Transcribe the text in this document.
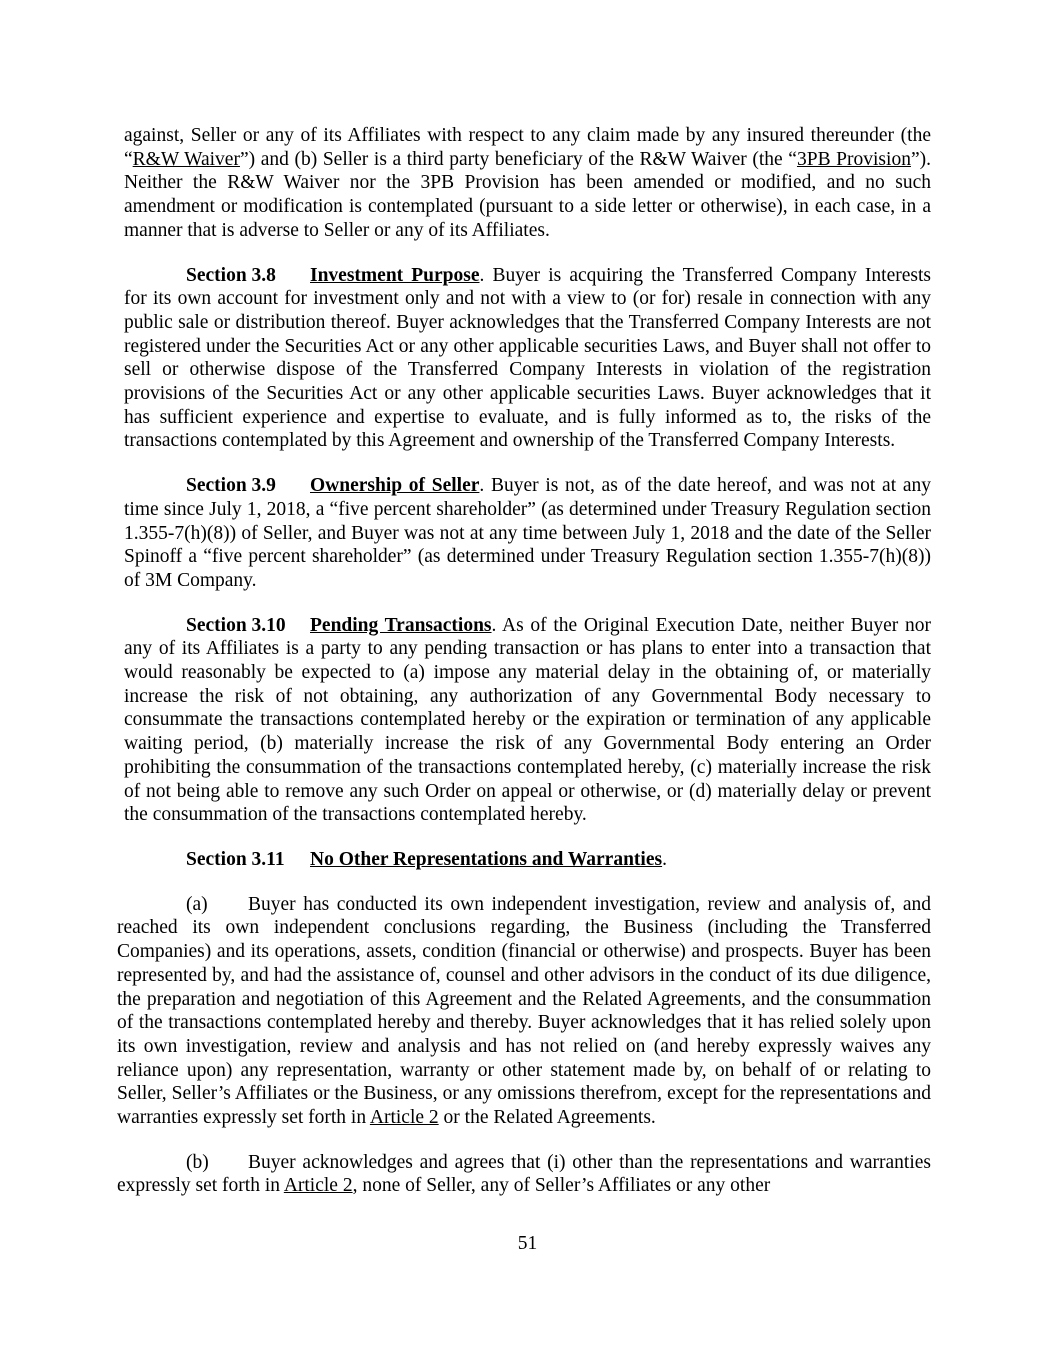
against, Seller or any of its Affiliates with respect to any claim made by any insured thereunder (the “R&W Waiver”) and (b) Seller is a third party beneficiary of the R&W Waiver (the “3PB Provision”). Neither the R&W Waiver nor the 3PB Provision has been amended or modified, and no such amendment or modification is contemplated (pursuant to a side letter or otherwise), in each case, in a manner that is adverse to Seller or any of its Affiliates.

Section 3.8 Investment Purpose. Buyer is acquiring the Transferred Company Interests for its own account for investment only and not with a view to (or for) resale in connection with any public sale or distribution thereof. Buyer acknowledges that the Transferred Company Interests are not registered under the Securities Act or any other applicable securities Laws, and Buyer shall not offer to sell or otherwise dispose of the Transferred Company Interests in violation of the registration provisions of the Securities Act or any other applicable securities Laws. Buyer acknowledges that it has sufficient experience and expertise to evaluate, and is fully informed as to, the risks of the transactions contemplated by this Agreement and ownership of the Transferred Company Interests.

Section 3.9 Ownership of Seller. Buyer is not, as of the date hereof, and was not at any time since July 1, 2018, a “five percent shareholder” (as determined under Treasury Regulation section 1.355-7(h)(8)) of Seller, and Buyer was not at any time between July 1, 2018 and the date of the Seller Spinoff a “five percent shareholder” (as determined under Treasury Regulation section 1.355-7(h)(8)) of 3M Company.

Section 3.10 Pending Transactions. As of the Original Execution Date, neither Buyer nor any of its Affiliates is a party to any pending transaction or has plans to enter into a transaction that would reasonably be expected to (a) impose any material delay in the obtaining of, or materially increase the risk of not obtaining, any authorization of any Governmental Body necessary to consummate the transactions contemplated hereby or the expiration or termination of any applicable waiting period, (b) materially increase the risk of any Governmental Body entering an Order prohibiting the consummation of the transactions contemplated hereby, (c) materially increase the risk of not being able to remove any such Order on appeal or otherwise, or (d) materially delay or prevent the consummation of the transactions contemplated hereby.

Section 3.11 No Other Representations and Warranties.

(a) Buyer has conducted its own independent investigation, review and analysis of, and reached its own independent conclusions regarding, the Business (including the Transferred Companies) and its operations, assets, condition (financial or otherwise) and prospects. Buyer has been represented by, and had the assistance of, counsel and other advisors in the conduct of its due diligence, the preparation and negotiation of this Agreement and the Related Agreements, and the consummation of the transactions contemplated hereby and thereby. Buyer acknowledges that it has relied solely upon its own investigation, review and analysis and has not relied on (and hereby expressly waives any reliance upon) any representation, warranty or other statement made by, on behalf of or relating to Seller, Seller’s Affiliates or the Business, or any omissions therefrom, except for the representations and warranties expressly set forth in Article 2 or the Related Agreements.

(b) Buyer acknowledges and agrees that (i) other than the representations and warranties expressly set forth in Article 2, none of Seller, any of Seller’s Affiliates or any other

51
